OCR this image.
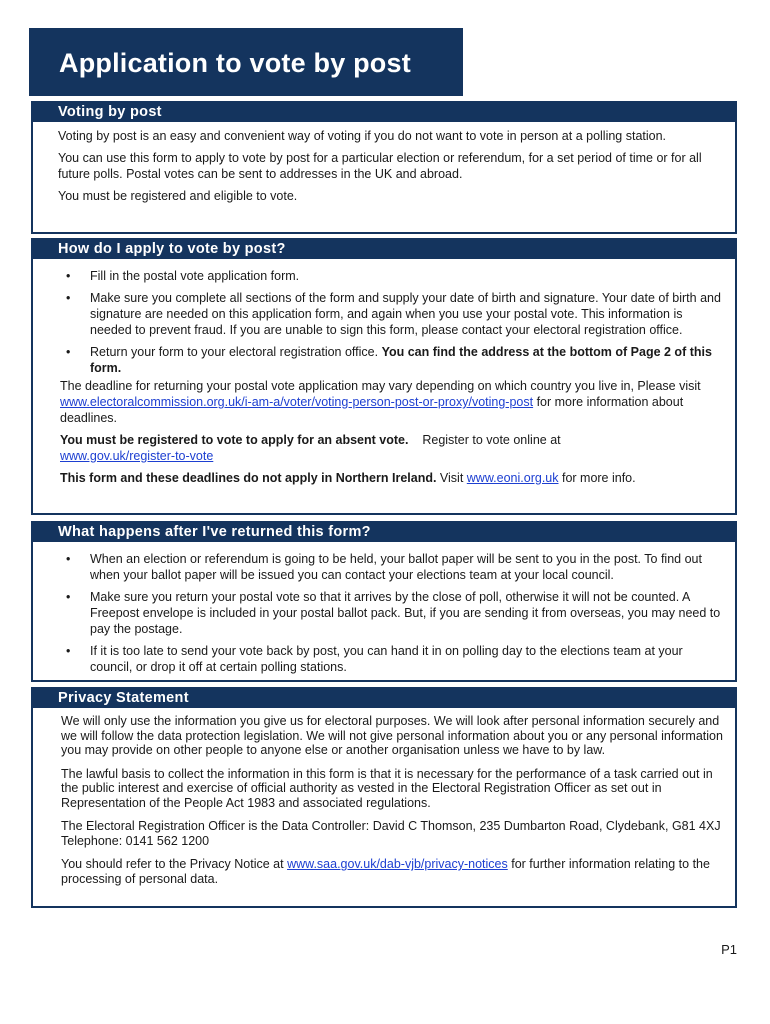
Application to vote by post
Voting by post

Voting by post is an easy and convenient way of voting if you do not want to vote in person at a polling station.

You can use this form to apply to vote by post for a particular election or referendum, for a set period of time or for all future polls. Postal votes can be sent to addresses in the UK and abroad.

You must be registered and eligible to vote.

How do I apply to vote by post?
• Fill in the postal vote application form.
• Make sure you complete all sections of the form and supply your date of birth and signature. Your date of birth and signature are needed on this application form, and again when you use your postal vote. This information is needed to prevent fraud. If you are unable to sign this form, please contact your electoral registration office.
• Return your form to your electoral registration office. You can find the address at the bottom of Page 2 of this form.

The deadline for returning your postal vote application may vary depending on which country you live in, Please visit www.electoralcommission.org.uk/i-am-a/voter/voting-person-post-or-proxy/voting-post for more information about deadlines.

You must be registered to vote to apply for an absent vote. Register to vote online at
www.gov.uk/register-to-vote

This form and these deadlines do not apply in Northern Ireland. Visit www.eoni.org.uk for more info.

What happens after I've returned this form?
• When an election or referendum is going to be held, your ballot paper will be sent to you in the post. To find out when your ballot paper will be issued you can contact your elections team at your local council.
• Make sure you return your postal vote so that it arrives by the close of poll, otherwise it will not be counted. A Freepost envelope is included in your postal ballot pack. But, if you are sending it from overseas, you may need to pay the postage.
• If it is too late to send your vote back by post, you can hand it in on polling day to the elections team at your council, or drop it off at certain polling stations.
Privacy Statement

We will only use the information you give us for electoral purposes. We will look after personal information securely and we will follow the data protection legislation. We will not give personal information about you or any personal information you may provide on other people to anyone else or another organisation unless we have to by law.

The lawful basis to collect the information in this form is that it is necessary for the performance of a task carried out in the public interest and exercise of official authority as vested in the Electoral Registration Officer as set out in Representation of the People Act 1983 and associated regulations.

The Electoral Registration Officer is the Data Controller: David C Thomson, 235 Dumbarton Road, Clydebank, G81 4XJ Telephone: 0141 562 1200

You should refer to the Privacy Notice at www.saa.gov.uk/dab-vjb/privacy-notices for further information relating to the processing of personal data.

P1
